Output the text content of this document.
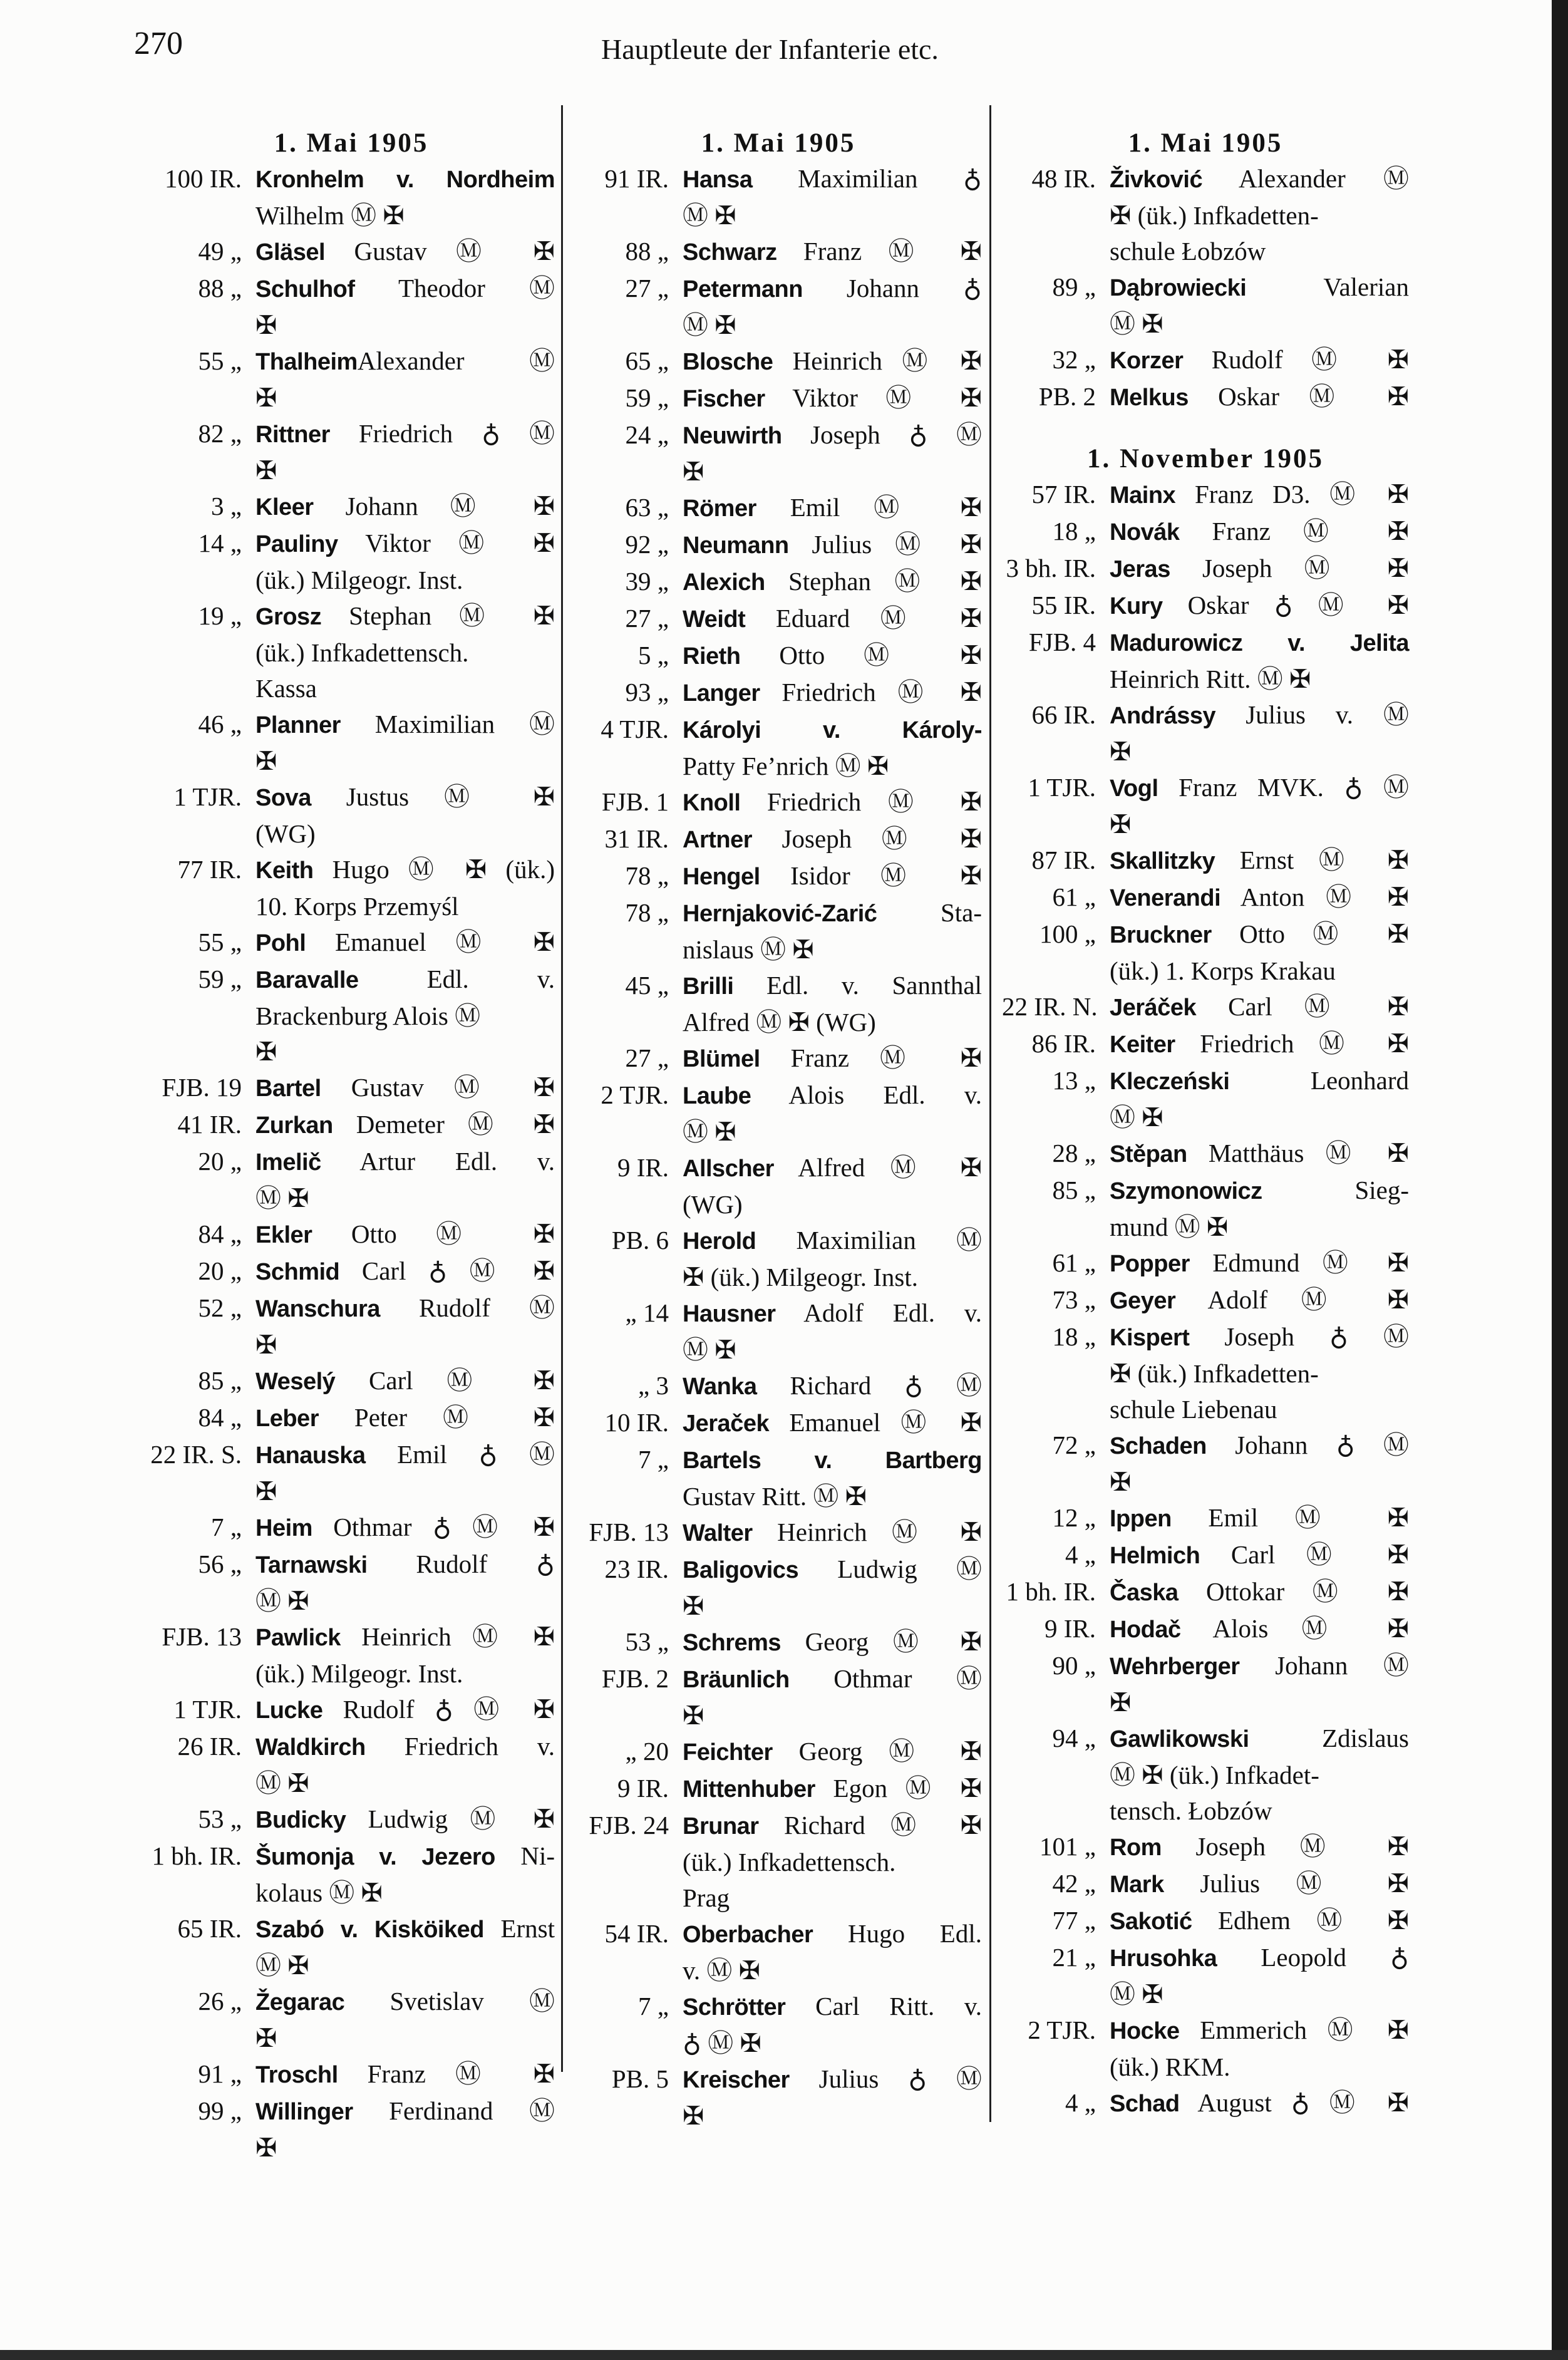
270	Hauptleute der Infanterie etc.
1. Mai 1905
100 IR. Kronhelm v. Nordheim
Wilhelm Ⓜ ✠
49 „ Gläsel Gustav Ⓜ ✠
88 „ Schulhof Theodor Ⓜ
✠
55 „ ThalheimAlexander Ⓜ
✠
82 „ Rittner Friedrich ♁ Ⓜ
✠
3 „ Kleer Johann Ⓜ ✠
14 „ Pauliny Viktor Ⓜ ✠
(ük.) Milgeogr. Inst.
19 „ Grosz Stephan Ⓜ ✠
(ük.) Infkadettensch.
Kassa
46 „ Planner Maximilian Ⓜ
✠
1 TJR. Sova Justus Ⓜ ✠
(WG)
77 IR. Keith Hugo Ⓜ ✠ (ük.)
10. Korps Przemyśl
55 „ Pohl Emanuel Ⓜ ✠
59 „ Baravalle Edl. v.
Brackenburg Alois Ⓜ
✠
FJB. 19 Bartel Gustav Ⓜ ✠
41 IR. Zurkan Demeter Ⓜ ✠
20 „ Imelič Artur Edl. v.
Ⓜ ✠
84 „ Ekler Otto Ⓜ ✠
20 „ Schmid Carl ♁ Ⓜ ✠
52 „ Wanschura Rudolf Ⓜ
✠
85 „ Weselý Carl Ⓜ ✠
84 „ Leber Peter Ⓜ ✠
22 IR. S. Hanauska Emil ♁ Ⓜ
✠
7 „ Heim Othmar ♁ Ⓜ ✠
56 „ Tarnawski Rudolf ♁
Ⓜ ✠
FJB. 13 Pawlick Heinrich Ⓜ ✠
(ük.) Milgeogr. Inst.
1 TJR. Lucke Rudolf ♁ Ⓜ ✠
26 IR. Waldkirch Friedrich v.
Ⓜ ✠
53 „ Budicky Ludwig Ⓜ ✠
1 bh. IR. Šumonja v. Jezero Ni-
kolaus Ⓜ ✠
65 IR. Szabó v. Kisköiked Ernst
Ⓜ ✠
26 „ Žegarac Svetislav Ⓜ
✠
91 „ Troschl Franz Ⓜ ✠
99 „ Willinger Ferdinand Ⓜ
✠
1. Mai 1905
91 IR. Hansa Maximilian ♁
Ⓜ ✠
88 „ Schwarz Franz Ⓜ ✠
27 „ Petermann Johann ♁
Ⓜ ✠
65 „ Blosche Heinrich Ⓜ ✠
59 „ Fischer Viktor Ⓜ ✠
24 „ Neuwirth Joseph ♁ Ⓜ
✠
63 „ Römer Emil Ⓜ ✠
92 „ Neumann Julius Ⓜ ✠
39 „ Alexich Stephan Ⓜ ✠
27 „ Weidt Eduard Ⓜ ✠
5 „ Rieth Otto Ⓜ ✠
93 „ Langer Friedrich Ⓜ ✠
4 TJR. Károlyi v. Károly-
Patty Fe’nrich Ⓜ ✠
FJB. 1 Knoll Friedrich Ⓜ ✠
31 IR. Artner Joseph Ⓜ ✠
78 „ Hengel Isidor Ⓜ ✠
78 „ Hernjaković-Zarić Sta-
nislaus Ⓜ ✠
45 „ Brilli Edl. v. Sannthal
Alfred Ⓜ ✠ (WG)
27 „ Blümel Franz Ⓜ ✠
2 TJR. Laube Alois Edl. v.
Ⓜ ✠
9 IR. Allscher Alfred Ⓜ ✠
(WG)
PB. 6 Herold Maximilian Ⓜ
✠ (ük.) Milgeogr. Inst.
„ 14 Hausner Adolf Edl. v.
Ⓜ ✠
„ 3 Wanka Richard ♁ Ⓜ
10 IR. Jeraček Emanuel Ⓜ ✠
7 „ Bartels v. Bartberg
Gustav Ritt. Ⓜ ✠
FJB. 13 Walter Heinrich Ⓜ ✠
23 IR. Baligovics Ludwig Ⓜ
✠
53 „ Schrems Georg Ⓜ ✠
FJB. 2 Bräunlich Othmar Ⓜ
✠
„ 20 Feichter Georg Ⓜ ✠
9 IR. Mittenhuber Egon Ⓜ ✠
FJB. 24 Brunar Richard Ⓜ ✠
(ük.) Infkadettensch.
Prag
54 IR. Oberbacher Hugo Edl.
v. Ⓜ ✠
7 „ Schrötter Carl Ritt. v.
♁ Ⓜ ✠
PB. 5 Kreischer Julius ♁ Ⓜ
✠
1. Mai 1905
48 IR. Živković Alexander Ⓜ
✠ (ük.) Infkadetten-
schule Łobzów
89 „ Dąbrowiecki Valerian
Ⓜ ✠
32 „ Korzer Rudolf Ⓜ ✠
PB. 2 Melkus Oskar Ⓜ ✠
1. November 1905
57 IR. Mainx Franz D3. Ⓜ ✠
18 „ Novák Franz Ⓜ ✠
3 bh. IR. Jeras Joseph Ⓜ ✠
55 IR. Kury Oskar ♁ Ⓜ ✠
FJB. 4 Madurowicz v. Jelita
Heinrich Ritt. Ⓜ ✠
66 IR. Andrássy Julius v. Ⓜ
✠
1 TJR. Vogl Franz MVK. ♁ Ⓜ
✠
87 IR. Skallitzky Ernst Ⓜ ✠
61 „ Venerandi Anton Ⓜ ✠
100 „ Bruckner Otto Ⓜ ✠
(ük.) 1. Korps Krakau
22 IR. N. Jeráček Carl Ⓜ ✠
86 IR. Keiter Friedrich Ⓜ ✠
13 „ Kleczeński Leonhard
Ⓜ ✠
28 „ Stěpan Matthäus Ⓜ ✠
85 „ Szymonowicz Sieg-
mund Ⓜ ✠
61 „ Popper Edmund Ⓜ ✠
73 „ Geyer Adolf Ⓜ ✠
18 „ Kispert Joseph ♁ Ⓜ
✠ (ük.) Infkadetten-
schule Liebenau
72 „ Schaden Johann ♁ Ⓜ
✠
12 „ Ippen Emil Ⓜ ✠
4 „ Helmich Carl Ⓜ ✠
1 bh. IR. Časka Ottokar Ⓜ ✠
9 IR. Hodač Alois Ⓜ ✠
90 „ Wehrberger Johann Ⓜ
✠
94 „ Gawlikowski Zdislaus
Ⓜ ✠ (ük.) Infkadet-
tensch. Łobzów
101 „ Rom Joseph Ⓜ ✠
42 „ Mark Julius Ⓜ ✠
77 „ Sakotić Edhem Ⓜ ✠
21 „ Hrusohka Leopold ♁
Ⓜ ✠
2 TJR. Hocke Emmerich Ⓜ ✠
(ük.) RKM.
4 „ Schad August ♁ Ⓜ ✠
